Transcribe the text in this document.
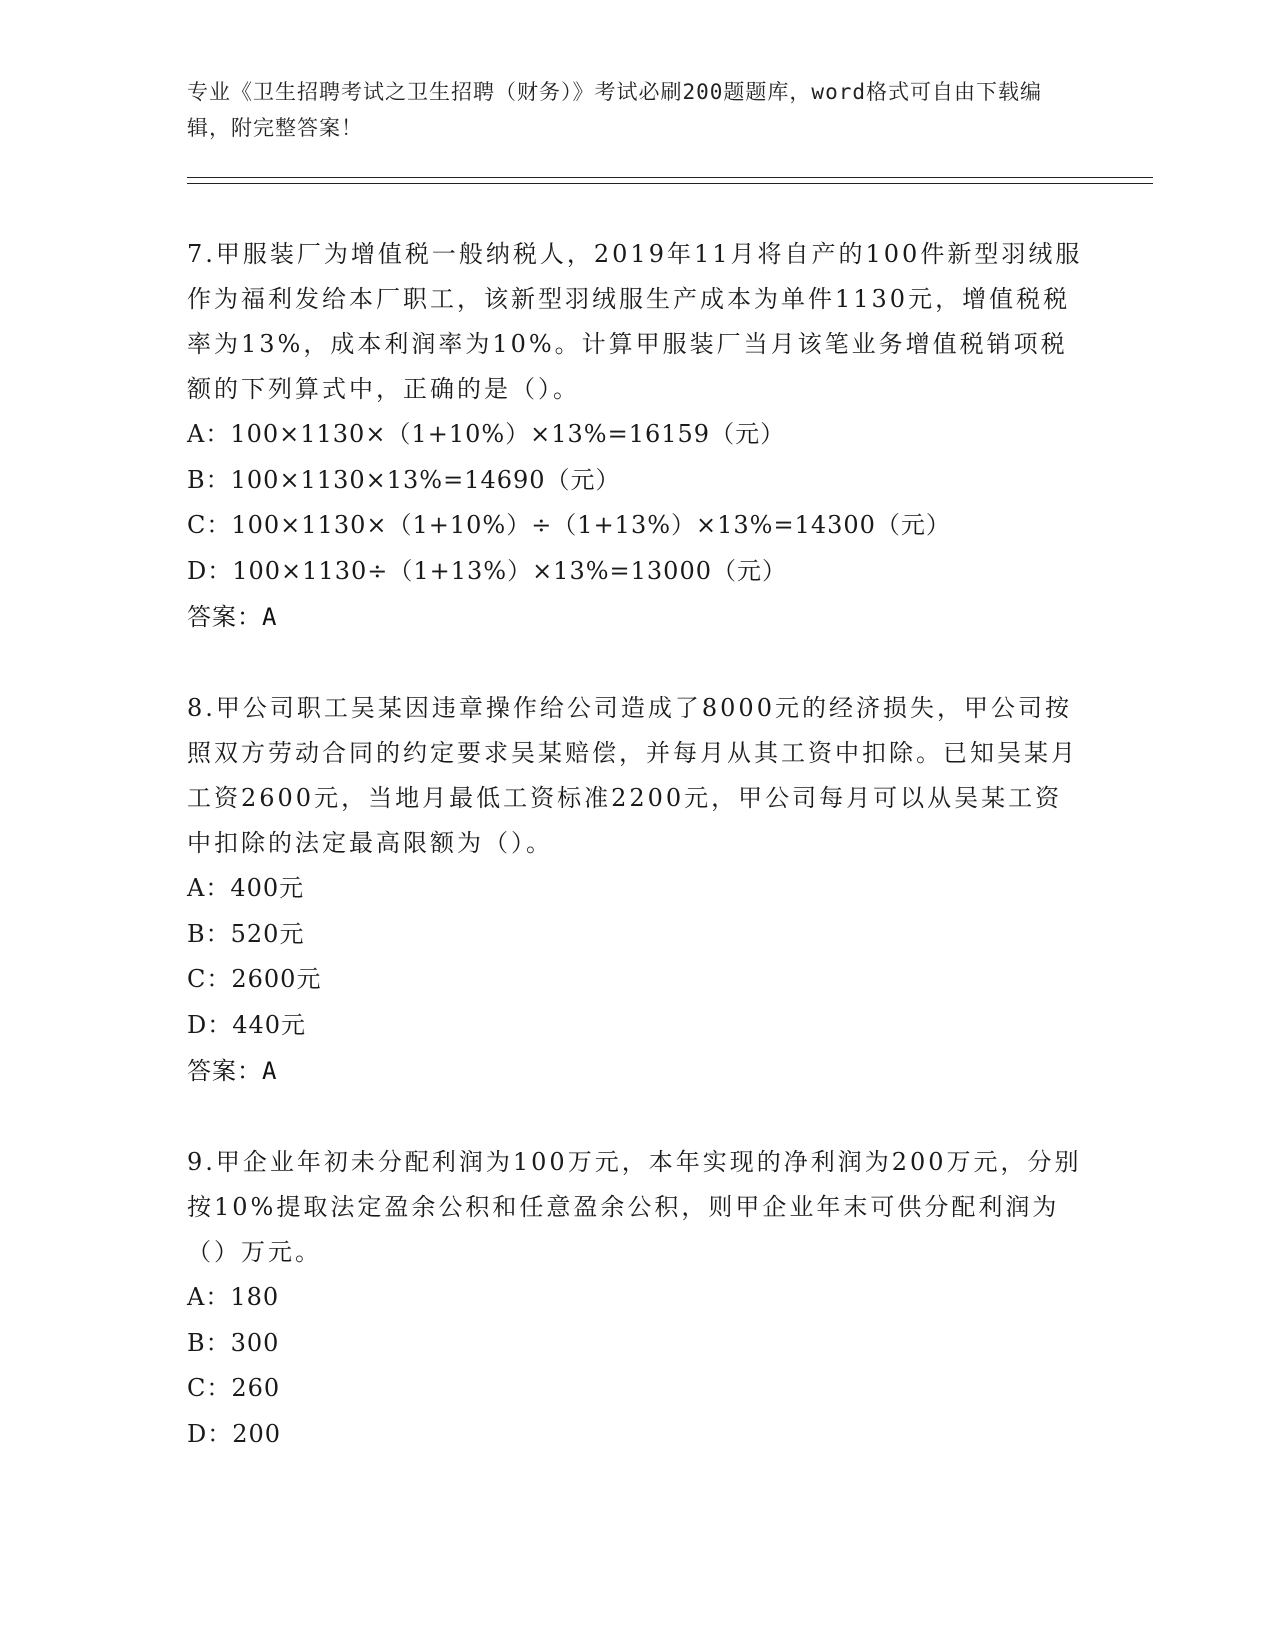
专业《卫生招聘考试之卫生招聘（财务）》考试必刷200题题库，word格式可自由下载编辑，附完整答案！

7.甲服装厂为增值税一般纳税人，2019年11月将自产的100件新型羽绒服作为福利发给本厂职工，该新型羽绒服生产成本为单件1130元，增值税税率为13%，成本利润率为10%。计算甲服装厂当月该笔业务增值税销项税额的下列算式中，正确的是（）。

A：100×1130×（1+10%）×13%=16159（元）
B：100×1130×13%=14690（元）
C：100×1130×（1+10%）÷（1+13%）×13%=14300（元）
D：100×1130÷（1+13%）×13%=13000（元）
答案：A

8.甲公司职工吴某因违章操作给公司造成了8000元的经济损失，甲公司按照双方劳动合同的约定要求吴某赔偿，并每月从其工资中扣除。已知吴某月工资2600元，当地月最低工资标准2200元，甲公司每月可以从吴某工资中扣除的法定最高限额为（）。

A：400元
B：520元
C：2600元
D：440元
答案：A

9.甲企业年初未分配利润为100万元，本年实现的净利润为200万元，分别按10%提取法定盈余公积和任意盈余公积，则甲企业年末可供分配利润为（）万元。

A：180
B：300
C：260
D：200
